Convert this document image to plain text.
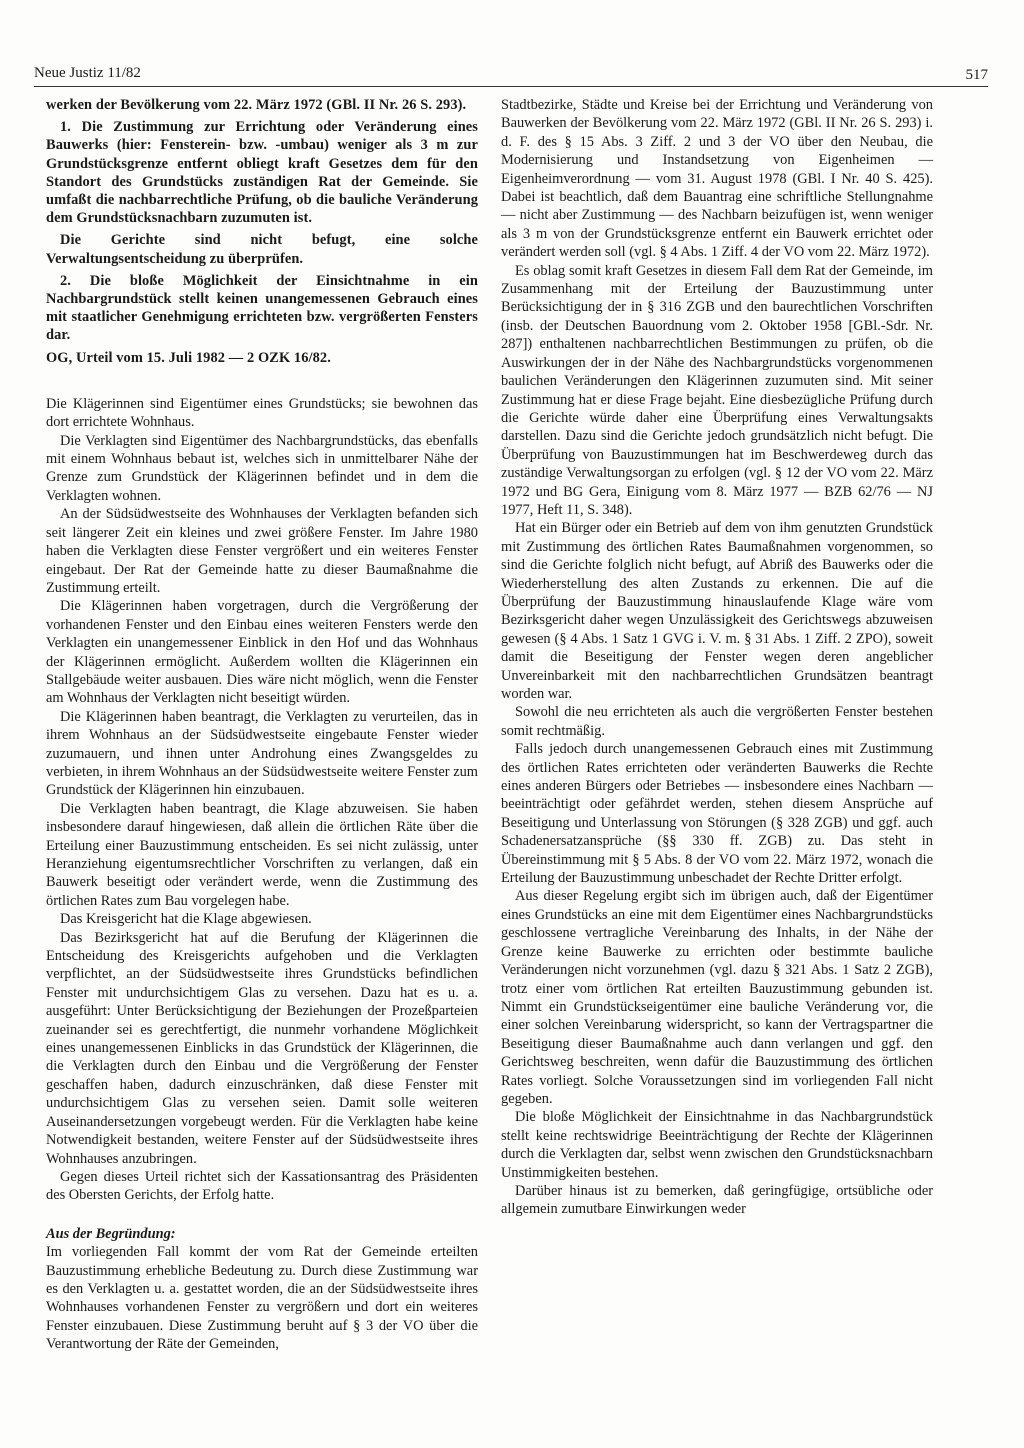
Neue Justiz 11/82	517

werken der Bevölkerung vom 22. März 1972 (GBl. II Nr. 26 S. 293).

1. Die Zustimmung zur Errichtung oder Veränderung eines Bauwerks (hier: Fensterein- bzw. -umbau) weniger als 3 m zur Grundstücksgrenze entfernt obliegt kraft Gesetzes dem für den Standort des Grundstücks zuständigen Rat der Gemeinde. Sie umfaßt die nachbarrechtliche Prüfung, ob die bauliche Veränderung dem Grundstücksnachbarn zuzumuten ist.

Die Gerichte sind nicht befugt, eine solche Verwaltungsentscheidung zu überprüfen.

2. Die bloße Möglichkeit der Einsichtnahme in ein Nachbargrundstück stellt keinen unangemessenen Gebrauch eines mit staatlicher Genehmigung errichteten bzw. vergrößerten Fensters dar.

OG, Urteil vom 15. Juli 1982 — 2 OZK 16/82.

Die Klägerinnen sind Eigentümer eines Grundstücks; sie bewohnen das dort errichtete Wohnhaus.

Die Verklagten sind Eigentümer des Nachbargrundstücks, das ebenfalls mit einem Wohnhaus bebaut ist, welches sich in unmittelbarer Nähe der Grenze zum Grundstück der Klägerinnen befindet und in dem die Verklagten wohnen.

An der Südsüdwestseite des Wohnhauses der Verklagten befanden sich seit längerer Zeit ein kleines und zwei größere Fenster. Im Jahre 1980 haben die Verklagten diese Fenster vergrößert und ein weiteres Fenster eingebaut. Der Rat der Gemeinde hatte zu dieser Baumaßnahme die Zustimmung erteilt.

Die Klägerinnen haben vorgetragen, durch die Vergrößerung der vorhandenen Fenster und den Einbau eines weiteren Fensters werde den Verklagten ein unangemessener Einblick in den Hof und das Wohnhaus der Klägerinnen ermöglicht. Außerdem wollten die Klägerinnen ein Stallgebäude weiter ausbauen. Dies wäre nicht möglich, wenn die Fenster am Wohnhaus der Verklagten nicht beseitigt würden.

Die Klägerinnen haben beantragt, die Verklagten zu verurteilen, das in ihrem Wohnhaus an der Südsüdwestseite eingebaute Fenster wieder zuzumauern, und ihnen unter Androhung eines Zwangsgeldes zu verbieten, in ihrem Wohnhaus an der Südsüdwestseite weitere Fenster zum Grundstück der Klägerinnen hin einzubauen.

Die Verklagten haben beantragt, die Klage abzuweisen. Sie haben insbesondere darauf hingewiesen, daß allein die örtlichen Räte über die Erteilung einer Bauzustimmung entscheiden. Es sei nicht zulässig, unter Heranziehung eigentumsrechtlicher Vorschriften zu verlangen, daß ein Bauwerk beseitigt oder verändert werde, wenn die Zustimmung des örtlichen Rates zum Bau vorgelegen habe.

Das Kreisgericht hat die Klage abgewiesen.

Das Bezirksgericht hat auf die Berufung der Klägerinnen die Entscheidung des Kreisgerichts aufgehoben und die Verklagten verpflichtet, an der Südsüdwestseite ihres Grundstücks befindlichen Fenster mit undurchsichtigem Glas zu versehen. Dazu hat es u. a. ausgeführt: Unter Berücksichtigung der Beziehungen der Prozeßparteien zueinander sei es gerechtfertigt, die nunmehr vorhandene Möglichkeit eines unangemessenen Einblicks in das Grundstück der Klägerinnen, die die Verklagten durch den Einbau und die Vergrößerung der Fenster geschaffen haben, dadurch einzuschränken, daß diese Fenster mit undurchsichtigem Glas zu versehen seien. Damit solle weiteren Auseinandersetzungen vorgebeugt werden. Für die Verklagten habe keine Notwendigkeit bestanden, weitere Fenster auf der Südsüdwestseite ihres Wohnhauses anzubringen.

Gegen dieses Urteil richtet sich der Kassationsantrag des Präsidenten des Obersten Gerichts, der Erfolg hatte.

Aus der Begründung:

Im vorliegenden Fall kommt der vom Rat der Gemeinde erteilten Bauzustimmung erhebliche Bedeutung zu. Durch diese Zustimmung war es den Verklagten u. a. gestattet worden, die an der Südsüdwestseite ihres Wohnhauses vorhandenen Fenster zu vergrößern und dort ein weiteres Fenster einzubauen. Diese Zustimmung beruht auf § 3 der VO über die Verantwortung der Räte der Gemeinden,

Stadtbezirke, Städte und Kreise bei der Errichtung und Veränderung von Bauwerken der Bevölkerung vom 22. März 1972 (GBl. II Nr. 26 S. 293) i. d. F. des § 15 Abs. 3 Ziff. 2 und 3 der VO über den Neubau, die Modernisierung und Instandsetzung von Eigenheimen — Eigenheimverordnung — vom 31. August 1978 (GBl. I Nr. 40 S. 425). Dabei ist beachtlich, daß dem Bauantrag eine schriftliche Stellungnahme — nicht aber Zustimmung — des Nachbarn beizufügen ist, wenn weniger als 3 m von der Grundstücksgrenze entfernt ein Bauwerk errichtet oder verändert werden soll (vgl. § 4 Abs. 1 Ziff. 4 der VO vom 22. März 1972).

Es oblag somit kraft Gesetzes in diesem Fall dem Rat der Gemeinde, im Zusammenhang mit der Erteilung der Bauzustimmung unter Berücksichtigung der in § 316 ZGB und den baurechtlichen Vorschriften (insb. der Deutschen Bauordnung vom 2. Oktober 1958 [GBl.-Sdr. Nr. 287]) enthaltenen nachbarrechtlichen Bestimmungen zu prüfen, ob die Auswirkungen der in der Nähe des Nachbargrundstücks vorgenommenen baulichen Veränderungen den Klägerinnen zuzumuten sind. Mit seiner Zustimmung hat er diese Frage bejaht. Eine diesbezügliche Prüfung durch die Gerichte würde daher eine Überprüfung eines Verwaltungsakts darstellen. Dazu sind die Gerichte jedoch grundsätzlich nicht befugt. Die Überprüfung von Bauzustimmungen hat im Beschwerdeweg durch das zuständige Verwaltungsorgan zu erfolgen (vgl. § 12 der VO vom 22. März 1972 und BG Gera, Einigung vom 8. März 1977 — BZB 62/76 — NJ 1977, Heft 11, S. 348).

Hat ein Bürger oder ein Betrieb auf dem von ihm genutzten Grundstück mit Zustimmung des örtlichen Rates Baumaßnahmen vorgenommen, so sind die Gerichte folglich nicht befugt, auf Abriß des Bauwerks oder die Wiederherstellung des alten Zustands zu erkennen. Die auf die Überprüfung der Bauzustimmung hinauslaufende Klage wäre vom Bezirksgericht daher wegen Unzulässigkeit des Gerichtswegs abzuweisen gewesen (§ 4 Abs. 1 Satz 1 GVG i. V. m. § 31 Abs. 1 Ziff. 2 ZPO), soweit damit die Beseitigung der Fenster wegen deren angeblicher Unvereinbarkeit mit den nachbarrechtlichen Grundsätzen beantragt worden war.

Sowohl die neu errichteten als auch die vergrößerten Fenster bestehen somit rechtmäßig.

Falls jedoch durch unangemessenen Gebrauch eines mit Zustimmung des örtlichen Rates errichteten oder veränderten Bauwerks die Rechte eines anderen Bürgers oder Betriebes — insbesondere eines Nachbarn — beeinträchtigt oder gefährdet werden, stehen diesem Ansprüche auf Beseitigung und Unterlassung von Störungen (§ 328 ZGB) und ggf. auch Schadenersatzansprüche (§§ 330 ff. ZGB) zu. Das steht in Übereinstimmung mit § 5 Abs. 8 der VO vom 22. März 1972, wonach die Erteilung der Bauzustimmung unbeschadet der Rechte Dritter erfolgt.

Aus dieser Regelung ergibt sich im übrigen auch, daß der Eigentümer eines Grundstücks an eine mit dem Eigentümer eines Nachbargrundstücks geschlossene vertragliche Vereinbarung des Inhalts, in der Nähe der Grenze keine Bauwerke zu errichten oder bestimmte bauliche Veränderungen nicht vorzunehmen (vgl. dazu § 321 Abs. 1 Satz 2 ZGB), trotz einer vom örtlichen Rat erteilten Bauzustimmung gebunden ist. Nimmt ein Grundstückseigentümer eine bauliche Veränderung vor, die einer solchen Vereinbarung widerspricht, so kann der Vertragspartner die Beseitigung dieser Baumaßnahme auch dann verlangen und ggf. den Gerichtsweg beschreiten, wenn dafür die Bauzustimmung des örtlichen Rates vorliegt. Solche Voraussetzungen sind im vorliegenden Fall nicht gegeben.

Die bloße Möglichkeit der Einsichtnahme in das Nachbargrundstück stellt keine rechtswidrige Beeinträchtigung der Rechte der Klägerinnen durch die Verklagten dar, selbst wenn zwischen den Grundstücksnachbarn Unstimmigkeiten bestehen.

Darüber hinaus ist zu bemerken, daß geringfügige, ortsübliche oder allgemein zumutbare Einwirkungen weder
